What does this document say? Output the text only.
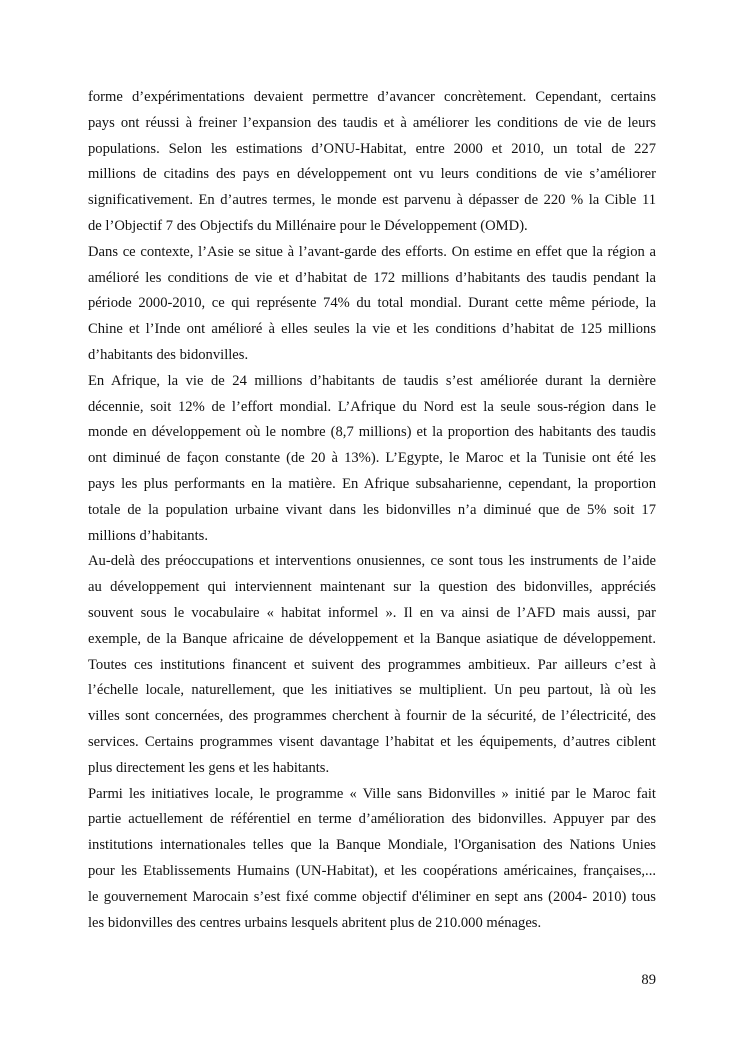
forme d’expérimentations devaient permettre d’avancer concrètement. Cependant, certains
pays ont réussi à freiner l’expansion des taudis et à améliorer les conditions de vie de leurs
populations. Selon les estimations d’ONU-Habitat, entre 2000 et 2010, un total de 227
millions de citadins des pays en développement ont vu leurs conditions de vie s’améliorer
significativement. En d’autres termes, le monde est parvenu à dépasser de 220 % la Cible 11
de l’Objectif 7 des Objectifs du Millénaire pour le Développement (OMD).
Dans ce contexte, l’Asie se situe à l’avant-garde des efforts. On estime en effet que la région a
amélioré les conditions de vie et d’habitat de 172 millions d’habitants des taudis pendant la
période 2000-2010, ce qui représente 74% du total mondial. Durant cette même période, la
Chine et l’Inde ont amélioré à elles seules la vie et les conditions d’habitat de 125 millions
d’habitants des bidonvilles.
En Afrique, la vie de 24 millions d’habitants de taudis s’est améliorée durant la dernière
décennie, soit 12% de l’effort mondial. L’Afrique du Nord est la seule sous-région dans le
monde en développement où le nombre (8,7 millions) et la proportion des habitants des taudis
ont diminué de façon constante (de 20 à 13%). L’Egypte, le Maroc et la Tunisie ont été les
pays les plus performants en la matière. En Afrique subsaharienne, cependant, la proportion
totale de la population urbaine vivant dans les bidonvilles n’a diminué que de 5% soit 17
millions d’habitants.
Au-delà des préoccupations et interventions onusiennes, ce sont tous les instruments de l’aide
au développement qui interviennent maintenant sur la question des bidonvilles, appréciés
souvent sous le vocabulaire « habitat informel ». Il en va ainsi de l’AFD mais aussi, par
exemple, de la Banque africaine de développement et la Banque asiatique de développement.
Toutes ces institutions financent et suivent des programmes ambitieux. Par ailleurs c’est à
l’échelle locale, naturellement, que les initiatives se multiplient. Un peu partout, là où les
villes sont concernées, des programmes cherchent à fournir de la sécurité, de l’électricité, des
services. Certains programmes visent davantage l’habitat et les équipements, d’autres ciblent
plus directement les gens et les habitants.
Parmi les initiatives locale, le programme « Ville sans Bidonvilles » initié par le Maroc fait
partie actuellement de référentiel en terme d’amélioration des bidonvilles. Appuyer par des
institutions internationales telles que la Banque Mondiale, l'Organisation des Nations Unies
pour les Etablissements Humains (UN-Habitat), et les coopérations américaines, françaises,...
le gouvernement Marocain s’est fixé comme objectif d'éliminer en sept ans (2004- 2010) tous
les bidonvilles des centres urbains lesquels abritent plus de 210.000 ménages.
89
